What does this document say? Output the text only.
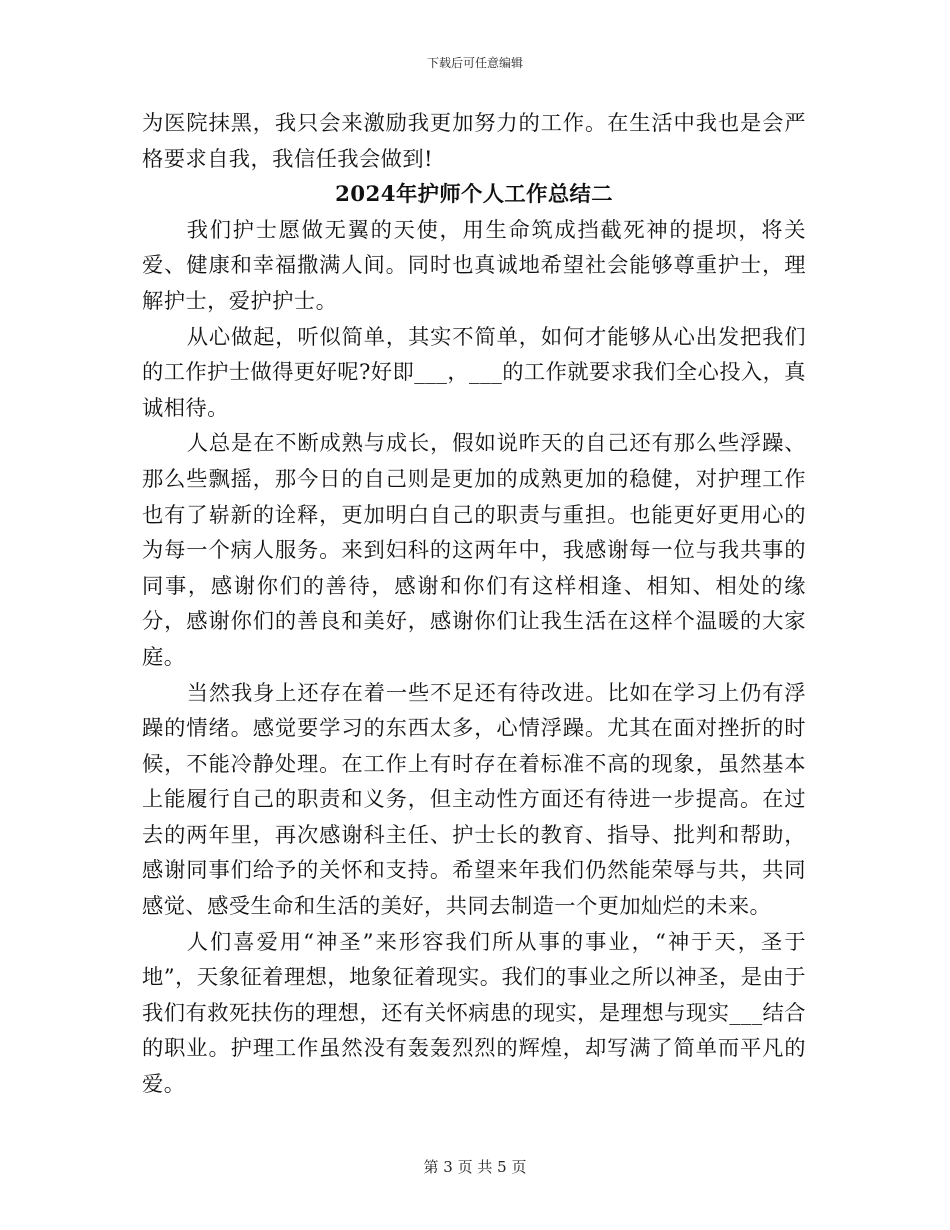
下载后可任意编辑

为医院抹黑，我只会来激励我更加努力的工作。在生活中我也是会严格要求自我，我信任我会做到!

2024年护师个人工作总结二

我们护士愿做无翼的天使，用生命筑成挡截死神的提坝，将关爱、健康和幸福撒满人间。同时也真诚地希望社会能够尊重护士，理解护士，爱护护士。

从心做起，听似简单，其实不简单，如何才能够从心出发把我们的工作护士做得更好呢?好即___，___的工作就要求我们全心投入，真诚相待。

人总是在不断成熟与成长，假如说昨天的自己还有那么些浮躁、那么些飘摇，那今日的自己则是更加的成熟更加的稳健，对护理工作也有了崭新的诠释，更加明白自己的职责与重担。也能更好更用心的为每一个病人服务。来到妇科的这两年中，我感谢每一位与我共事的同事，感谢你们的善待，感谢和你们有这样相逢、相知、相处的缘分，感谢你们的善良和美好，感谢你们让我生活在这样个温暖的大家庭。

当然我身上还存在着一些不足还有待改进。比如在学习上仍有浮躁的情绪。感觉要学习的东西太多，心情浮躁。尤其在面对挫折的时候，不能冷静处理。在工作上有时存在着标准不高的现象，虽然基本上能履行自己的职责和义务，但主动性方面还有待进一步提高。在过去的两年里，再次感谢科主任、护士长的教育、指导、批判和帮助，感谢同事们给予的关怀和支持。希望来年我们仍然能荣辱与共，共同感觉、感受生命和生活的美好，共同去制造一个更加灿烂的未来。

人们喜爱用“神圣”来形容我们所从事的事业，“神于天，圣于地”，天象征着理想，地象征着现实。我们的事业之所以神圣，是由于我们有救死扶伤的理想，还有关怀病患的现实，是理想与现实___结合的职业。护理工作虽然没有轰轰烈烈的辉煌，却写满了简单而平凡的爱。

第 3 页 共 5 页
